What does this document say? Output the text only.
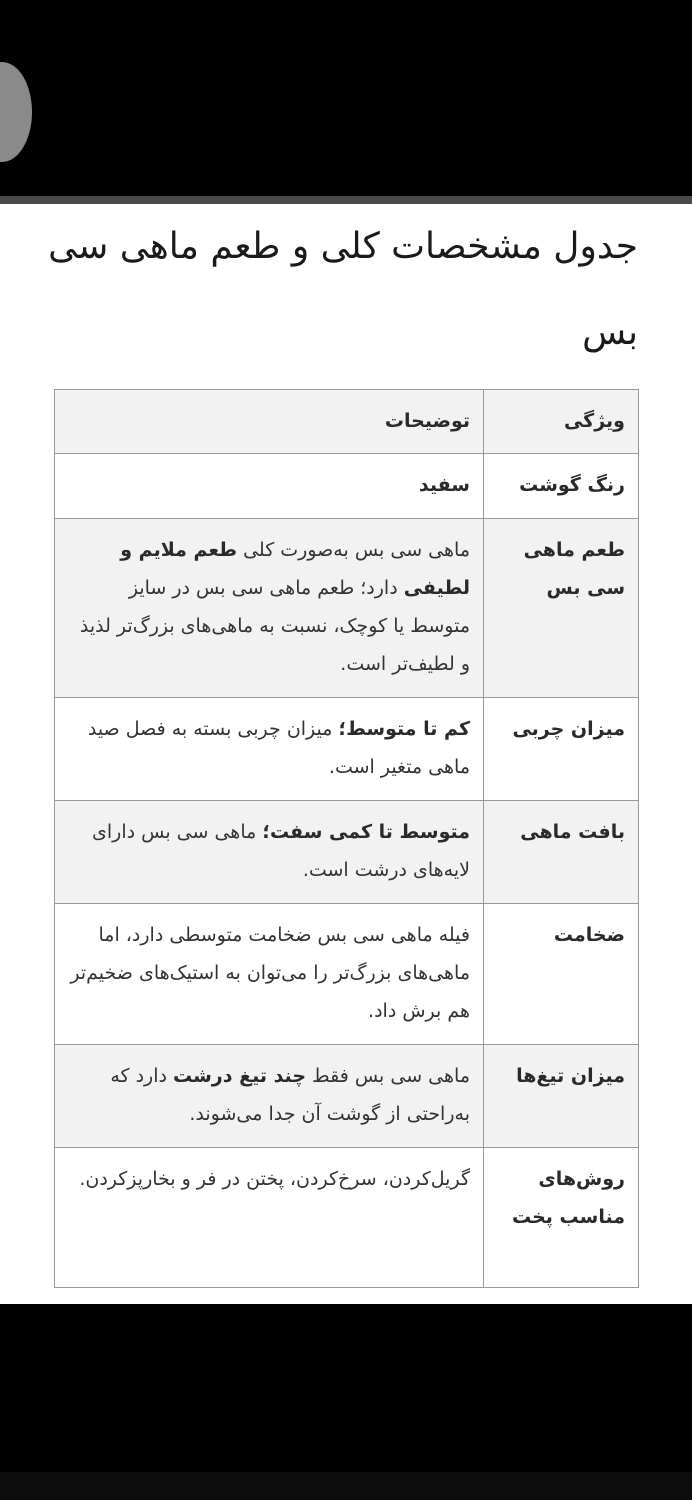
جدول مشخصات کلی و طعم ماهی سی بس
ویژگی	توضیحات
رنگ گوشت	سفید
طعم ماهی سی بس	ماهی سی بس به‌صورت کلی طعم ملایم و لطیفی دارد؛ طعم ماهی سی بس در سایز متوسط یا کوچک، نسبت به ماهی‌های بزرگ‌تر لذیذ و لطیف‌تر است.
میزان چربی	کم تا متوسط؛ میزان چربی بسته به فصل صید ماهی متغیر است.
بافت ماهی	متوسط تا کمی سفت؛ ماهی سی بس دارای لایه‌های درشت است.
ضخامت	فیله ماهی سی بس ضخامت متوسطی دارد، اما ماهی‌های بزرگ‌تر را می‌توان به استیک‌های ضخیم‌تر هم برش داد.
میزان تیغ‌ها	ماهی سی بس فقط چند تیغ درشت دارد که به‌راحتی از گوشت آن جدا می‌شوند.
روش‌های مناسب پخت	گریل‌کردن، سرخ‌کردن، پختن در فر و بخارپزکردن.
